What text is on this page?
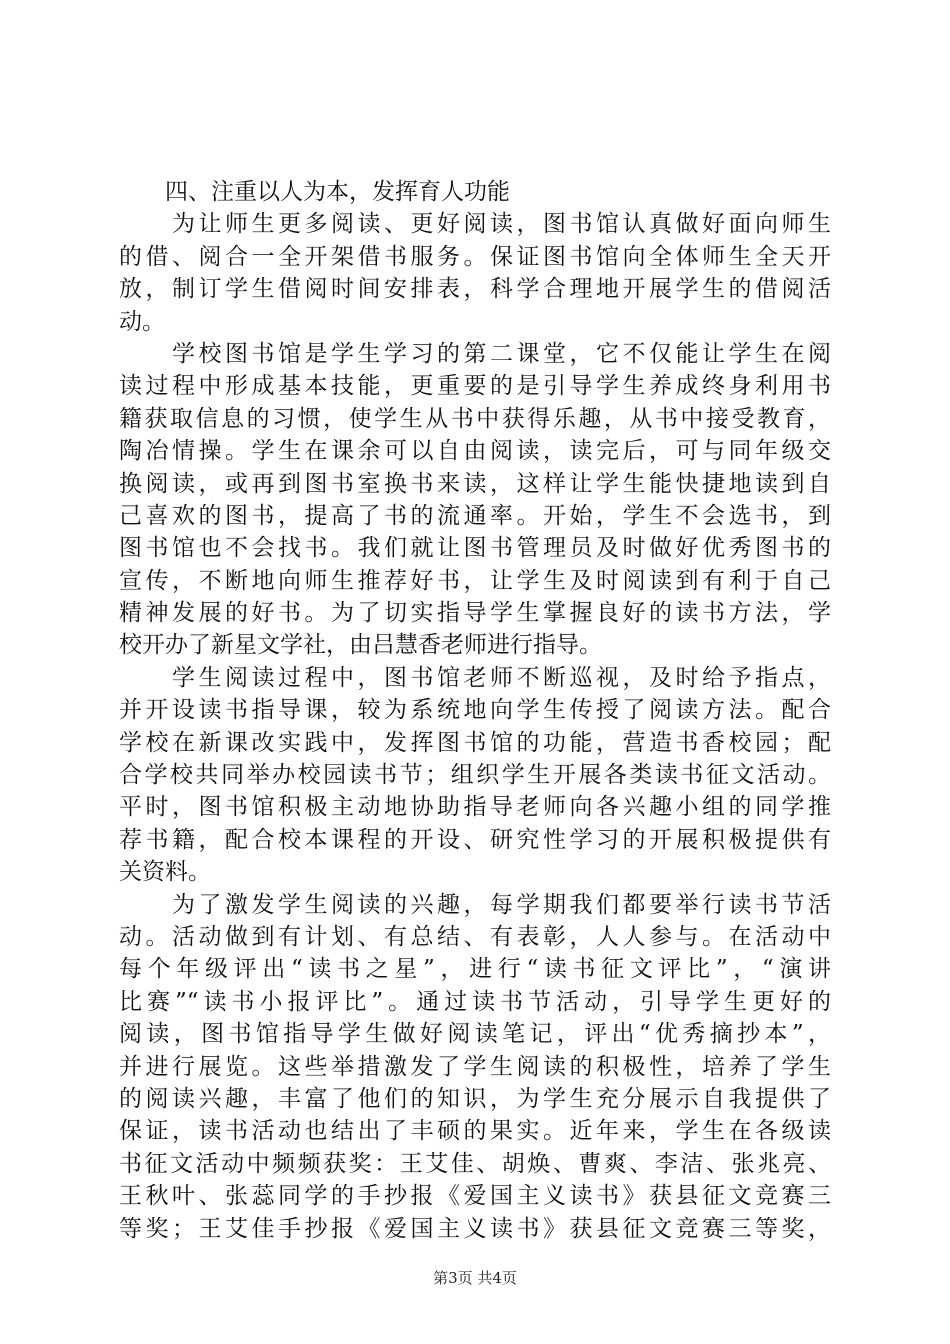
　　四、注重以人为本，发挥育人功能
　　为让师生更多阅读、更好阅读，图书馆认真做好面向师生
的借、阅合一全开架借书服务。保证图书馆向全体师生全天开
放，制订学生借阅时间安排表，科学合理地开展学生的借阅活
动。
　　学校图书馆是学生学习的第二课堂，它不仅能让学生在阅
读过程中形成基本技能，更重要的是引导学生养成终身利用书
籍获取信息的习惯，使学生从书中获得乐趣，从书中接受教育，
陶冶情操。学生在课余可以自由阅读，读完后，可与同年级交
换阅读，或再到图书室换书来读，这样让学生能快捷地读到自
己喜欢的图书，提高了书的流通率。开始，学生不会选书，到
图书馆也不会找书。我们就让图书管理员及时做好优秀图书的
宣传，不断地向师生推荐好书，让学生及时阅读到有利于自己
精神发展的好书。为了切实指导学生掌握良好的读书方法，学
校开办了新星文学社，由吕慧香老师进行指导。
　　学生阅读过程中，图书馆老师不断巡视，及时给予指点，
并开设读书指导课，较为系统地向学生传授了阅读方法。配合
学校在新课改实践中，发挥图书馆的功能，营造书香校园；配
合学校共同举办校园读书节；组织学生开展各类读书征文活动。
平时，图书馆积极主动地协助指导老师向各兴趣小组的同学推
荐书籍，配合校本课程的开设、研究性学习的开展积极提供有
关资料。
　　为了激发学生阅读的兴趣，每学期我们都要举行读书节活
动。活动做到有计划、有总结、有表彰，人人参与。在活动中
每个年级评出“读书之星”，进行“读书征文评比”，“演讲
比赛”“读书小报评比”。通过读书节活动，引导学生更好的
阅读，图书馆指导学生做好阅读笔记，评出“优秀摘抄本”，
并进行展览。这些举措激发了学生阅读的积极性，培养了学生
的阅读兴趣，丰富了他们的知识，为学生充分展示自我提供了
保证，读书活动也结出了丰硕的果实。近年来，学生在各级读
书征文活动中频频获奖：王艾佳、胡焕、曹爽、李洁、张兆亮、
王秋叶、张蕊同学的手抄报《爱国主义读书》获县征文竞赛三
等奖；王艾佳手抄报《爱国主义读书》获县征文竞赛三等奖，
第3页 共4页
